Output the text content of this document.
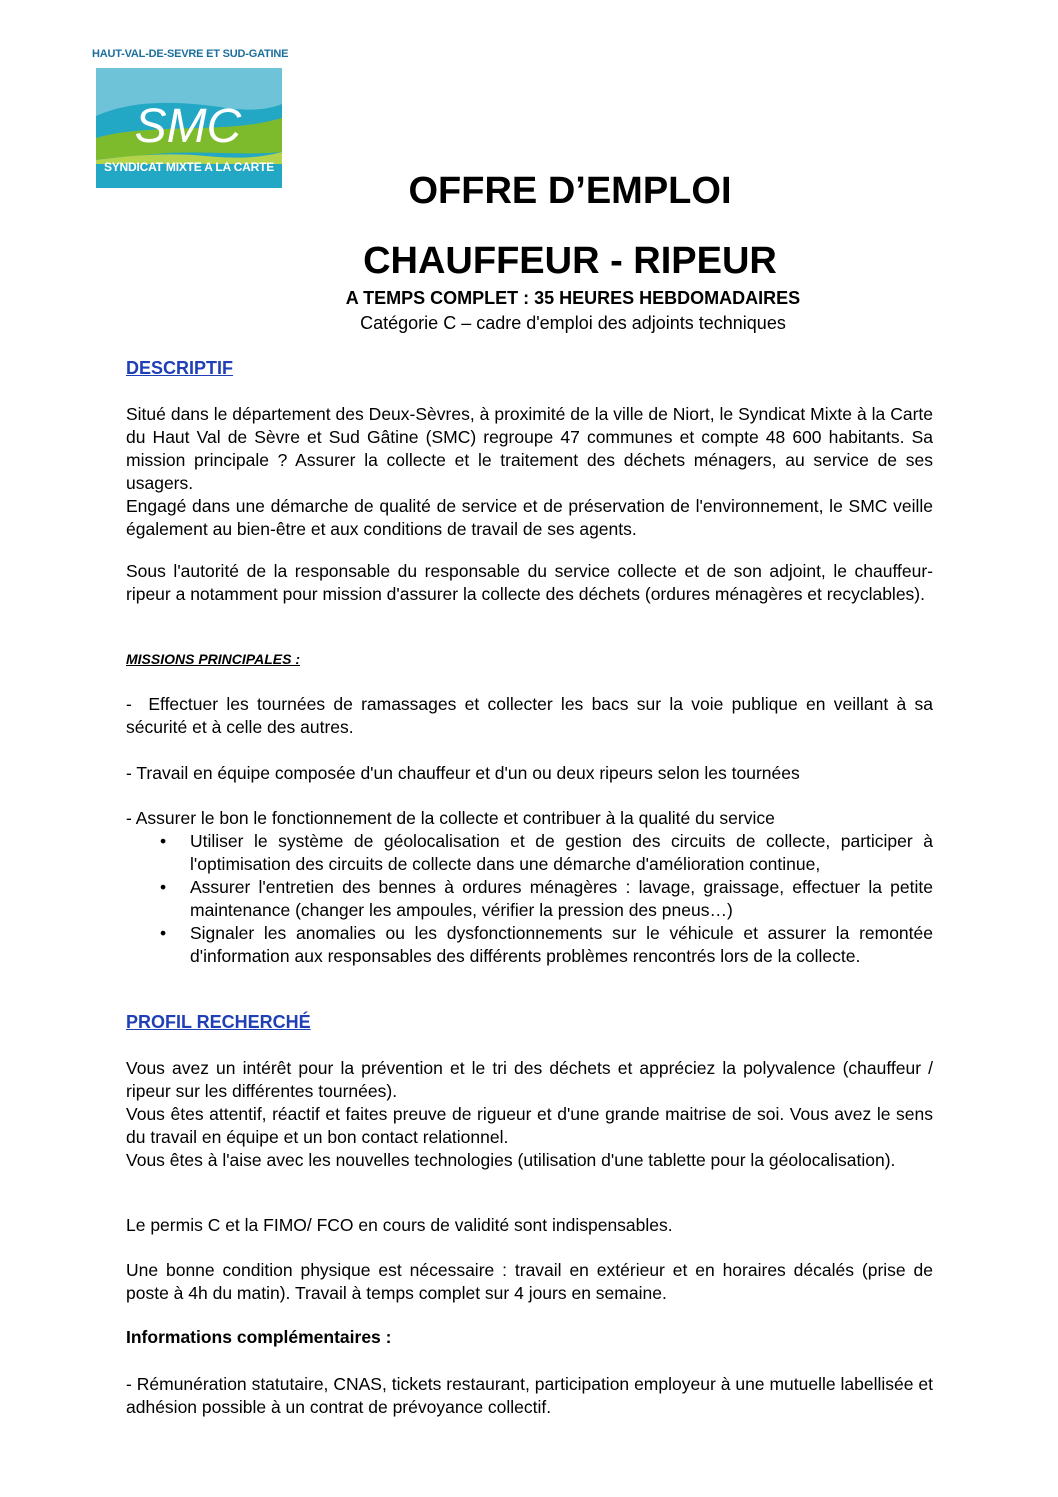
HAUT-VAL-DE-SEVRE ET SUD-GATINE
SMC
SYNDICAT MIXTE A LA CARTE
OFFRE D’EMPLOI
CHAUFFEUR - RIPEUR
A TEMPS COMPLET : 35 HEURES HEBDOMADAIRES
Catégorie C – cadre d'emploi des adjoints techniques
DESCRIPTIF

Situé dans le département des Deux-Sèvres, à proximité de la ville de Niort, le Syndicat Mixte à la Carte du Haut Val de Sèvre et Sud Gâtine (SMC) regroupe 47 communes et compte 48 600 habitants. Sa mission principale ? Assurer la collecte et le traitement des déchets ménagers, au service de ses usagers.

Engagé dans une démarche de qualité de service et de préservation de l'environnement, le SMC veille également au bien-être et aux conditions de travail de ses agents.

Sous l'autorité de la responsable du responsable du service collecte et de son adjoint, le chauffeur-ripeur a notamment pour mission d'assurer la collecte des déchets (ordures ménagères et recyclables).

MISSIONS PRINCIPALES :

-  Effectuer les tournées de ramassages et collecter les bacs sur la voie publique en veillant à sa sécurité et à celle des autres.

- Travail en équipe composée d'un chauffeur et d'un ou deux ripeurs selon les tournées

- Assurer le bon le fonctionnement de la collecte et contribuer à la qualité du service

• Utiliser le système de géolocalisation et de gestion des circuits de collecte, participer à l'optimisation des circuits de collecte dans une démarche d'amélioration continue,
• Assurer l'entretien des bennes à ordures ménagères : lavage, graissage, effectuer la petite maintenance (changer les ampoules, vérifier la pression des pneus…)
• Signaler les anomalies ou les dysfonctionnements sur le véhicule et assurer la remontée d'information aux responsables des différents problèmes rencontrés lors de la collecte.
PROFIL RECHERCHÉ

Vous avez un intérêt pour la prévention et le tri des déchets et appréciez la polyvalence (chauffeur / ripeur sur les différentes tournées).

Vous êtes attentif, réactif et faites preuve de rigueur et d'une grande maitrise de soi. Vous avez le sens du travail en équipe et un bon contact relationnel.

Vous êtes à l'aise avec les nouvelles technologies (utilisation d'une tablette pour la géolocalisation).

Le permis C et la FIMO/ FCO en cours de validité sont indispensables.

Une bonne condition physique est nécessaire : travail en extérieur et en horaires décalés (prise de poste à 4h du matin). Travail à temps complet sur 4 jours en semaine.

Informations complémentaires :

- Rémunération statutaire, CNAS, tickets restaurant, participation employeur à une mutuelle labellisée et adhésion possible à un contrat de prévoyance collectif.
